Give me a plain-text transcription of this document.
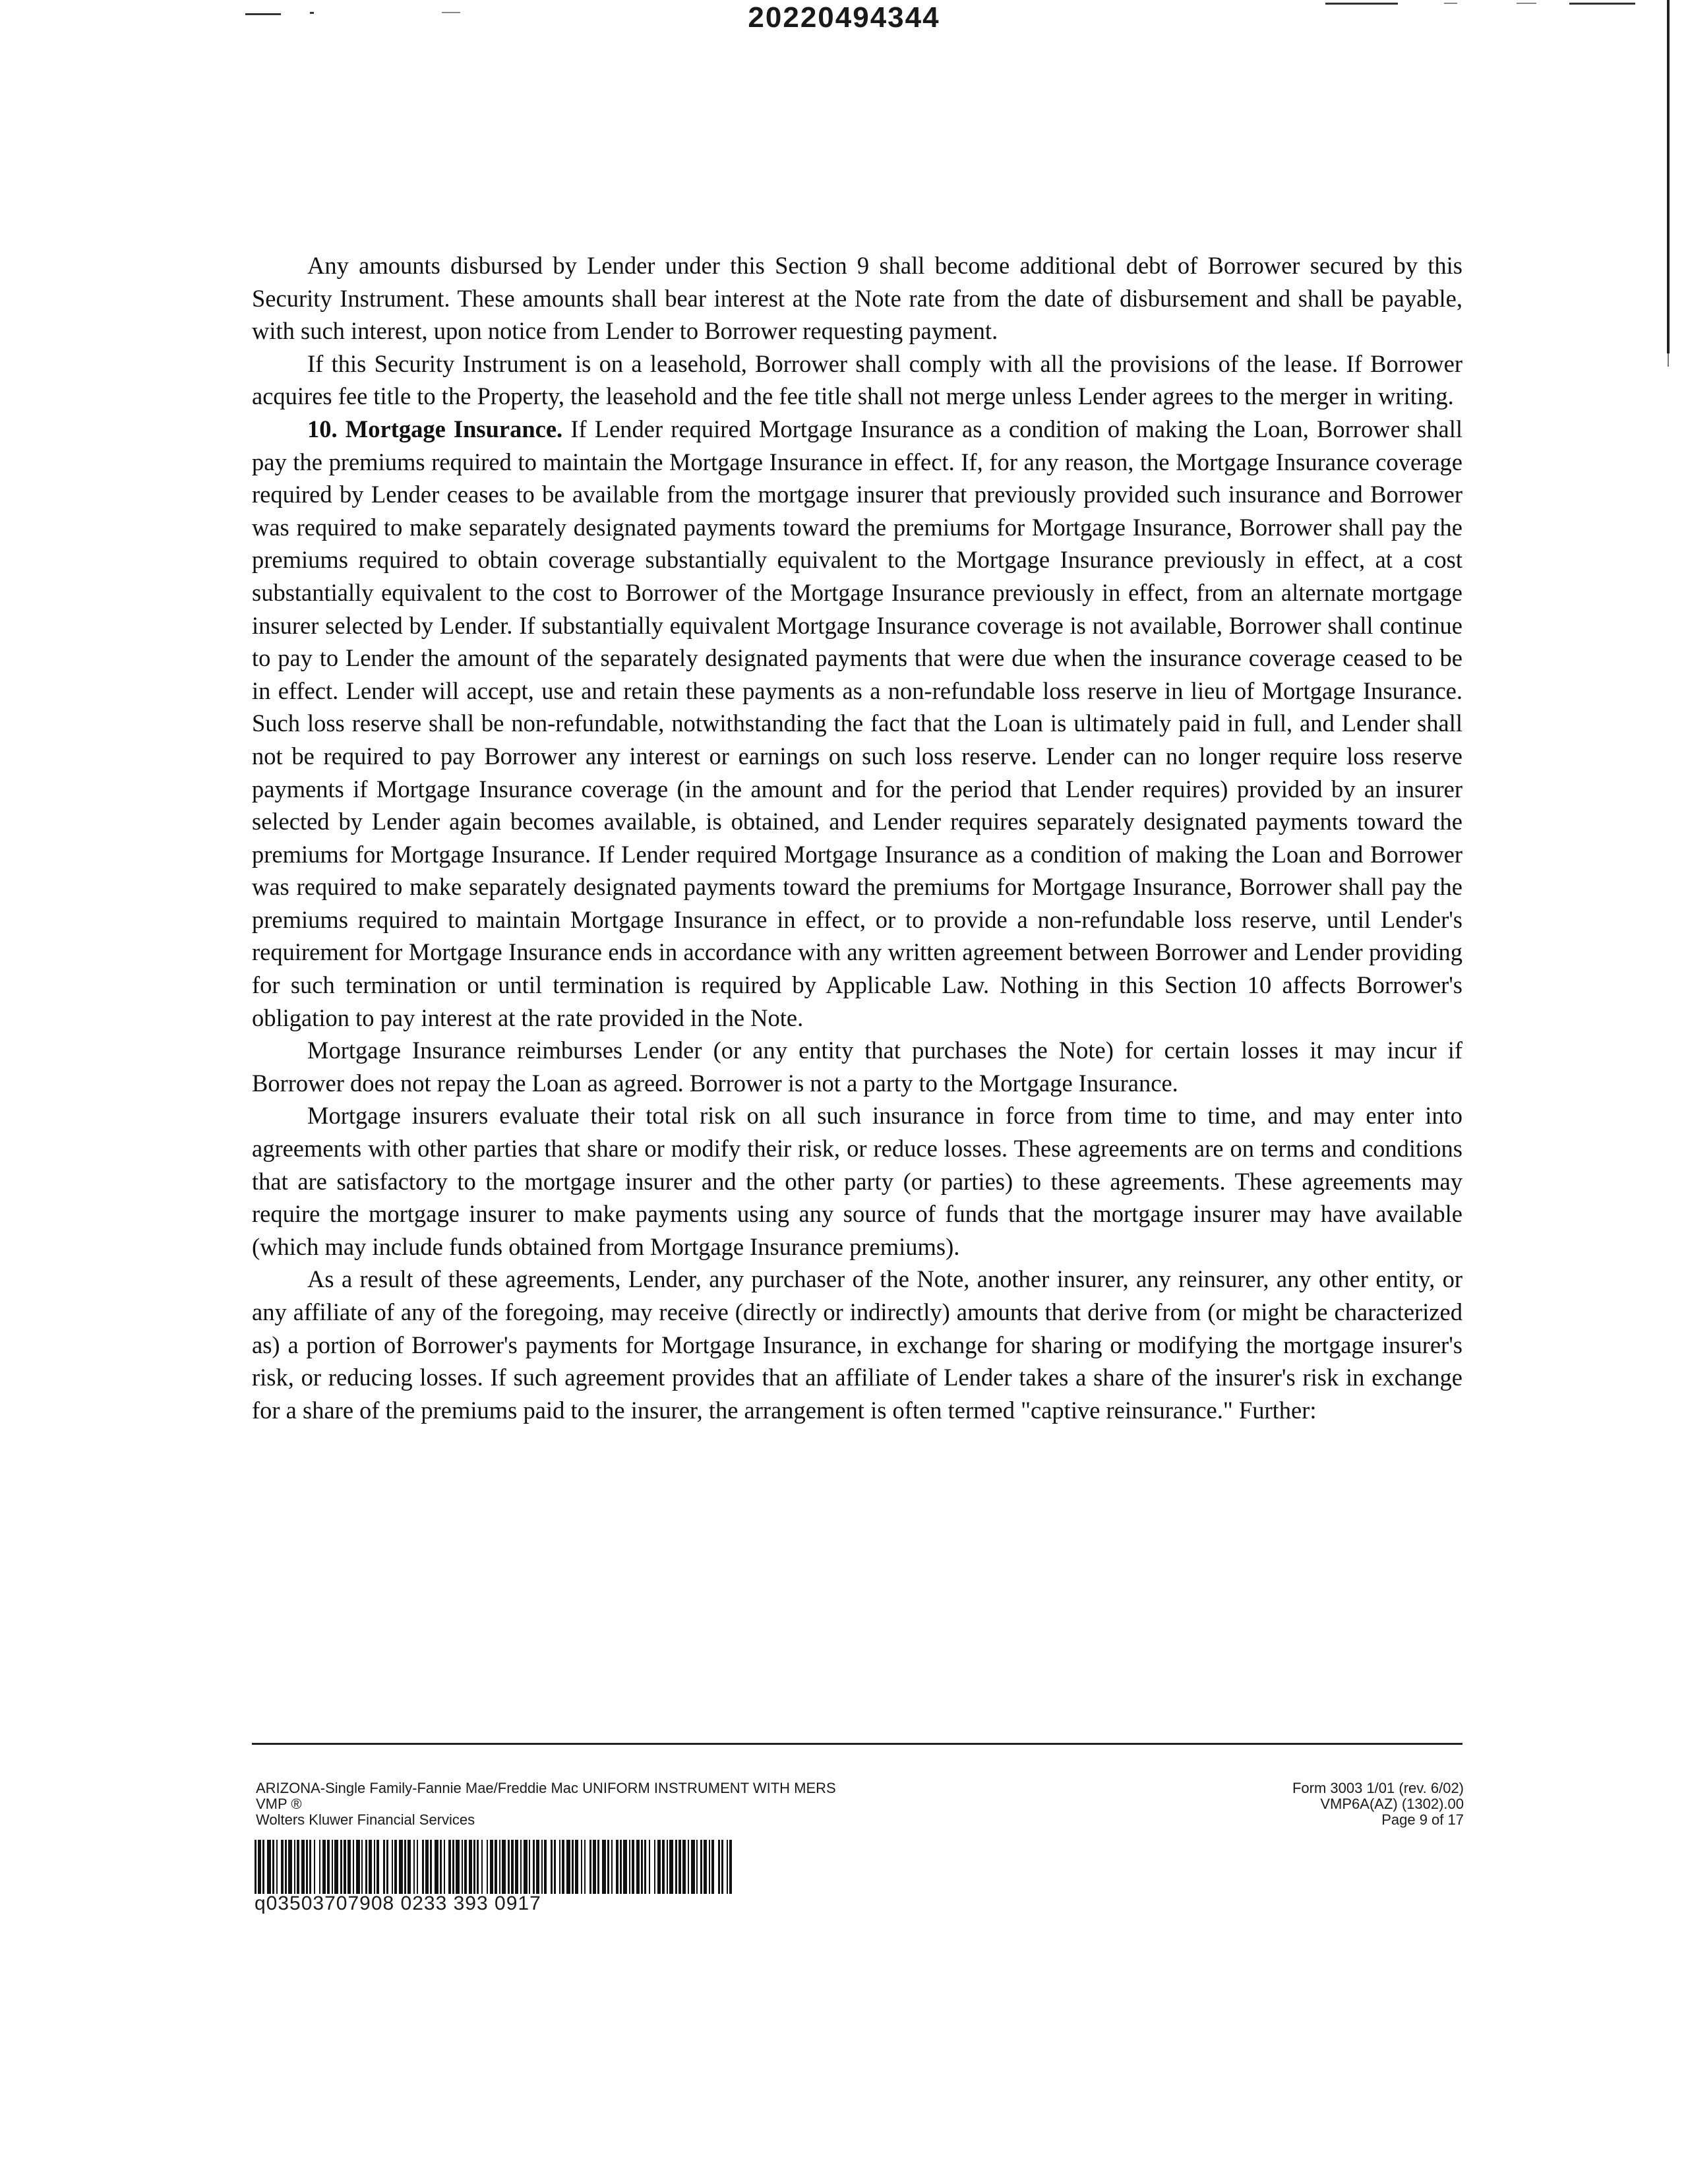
20220494344

Any amounts disbursed by Lender under this Section 9 shall become additional debt of Borrower secured by this Security Instrument. These amounts shall bear interest at the Note rate from the date of disbursement and shall be payable, with such interest, upon notice from Lender to Borrower requesting payment.

If this Security Instrument is on a leasehold, Borrower shall comply with all the provisions of the lease. If Borrower acquires fee title to the Property, the leasehold and the fee title shall not merge unless Lender agrees to the merger in writing.

10. Mortgage Insurance. If Lender required Mortgage Insurance as a condition of making the Loan, Borrower shall pay the premiums required to maintain the Mortgage Insurance in effect. If, for any reason, the Mortgage Insurance coverage required by Lender ceases to be available from the mortgage insurer that previously provided such insurance and Borrower was required to make separately designated payments toward the premiums for Mortgage Insurance, Borrower shall pay the premiums required to obtain coverage substantially equivalent to the Mortgage Insurance previously in effect, at a cost substantially equivalent to the cost to Borrower of the Mortgage Insurance previously in effect, from an alternate mortgage insurer selected by Lender. If substantially equivalent Mortgage Insurance coverage is not available, Borrower shall continue to pay to Lender the amount of the separately designated payments that were due when the insurance coverage ceased to be in effect. Lender will accept, use and retain these payments as a non-refundable loss reserve in lieu of Mortgage Insurance. Such loss reserve shall be non-refundable, notwithstanding the fact that the Loan is ultimately paid in full, and Lender shall not be required to pay Borrower any interest or earnings on such loss reserve. Lender can no longer require loss reserve payments if Mortgage Insurance coverage (in the amount and for the period that Lender requires) provided by an insurer selected by Lender again becomes available, is obtained, and Lender requires separately designated payments toward the premiums for Mortgage Insurance. If Lender required Mortgage Insurance as a condition of making the Loan and Borrower was required to make separately designated payments toward the premiums for Mortgage Insurance, Borrower shall pay the premiums required to maintain Mortgage Insurance in effect, or to provide a non-refundable loss reserve, until Lender's requirement for Mortgage Insurance ends in accordance with any written agreement between Borrower and Lender providing for such termination or until termination is required by Applicable Law. Nothing in this Section 10 affects Borrower's obligation to pay interest at the rate provided in the Note.

Mortgage Insurance reimburses Lender (or any entity that purchases the Note) for certain losses it may incur if Borrower does not repay the Loan as agreed. Borrower is not a party to the Mortgage Insurance.

Mortgage insurers evaluate their total risk on all such insurance in force from time to time, and may enter into agreements with other parties that share or modify their risk, or reduce losses. These agreements are on terms and conditions that are satisfactory to the mortgage insurer and the other party (or parties) to these agreements. These agreements may require the mortgage insurer to make payments using any source of funds that the mortgage insurer may have available (which may include funds obtained from Mortgage Insurance premiums).

As a result of these agreements, Lender, any purchaser of the Note, another insurer, any reinsurer, any other entity, or any affiliate of any of the foregoing, may receive (directly or indirectly) amounts that derive from (or might be characterized as) a portion of Borrower's payments for Mortgage Insurance, in exchange for sharing or modifying the mortgage insurer's risk, or reducing losses. If such agreement provides that an affiliate of Lender takes a share of the insurer's risk in exchange for a share of the premiums paid to the insurer, the arrangement is often termed "captive reinsurance." Further:

ARIZONA-Single Family-Fannie Mae/Freddie Mac UNIFORM INSTRUMENT WITH MERS
VMP ®
Wolters Kluwer Financial Services
Form 3003 1/01 (rev. 6/02)
VMP6A(AZ) (1302).00
Page 9 of 17
q03503707908 0233 393 0917
